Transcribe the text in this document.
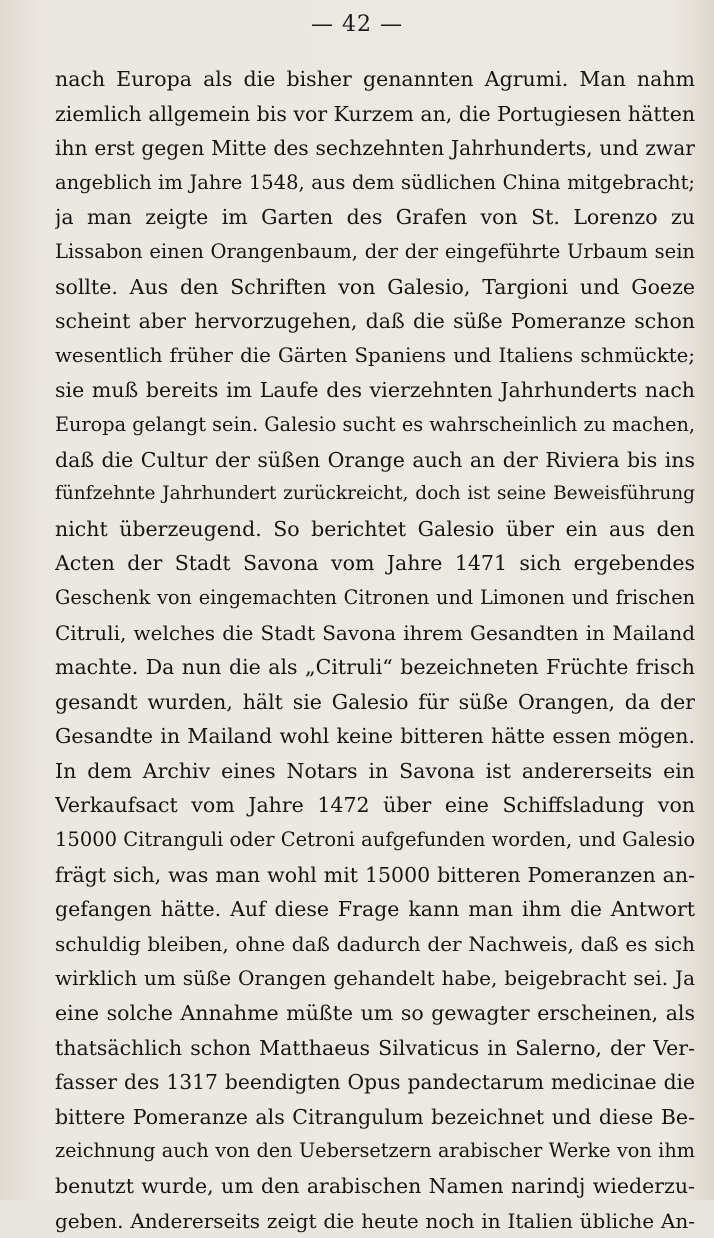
— 42 —
nach Europa als die bisher genannten Agrumi. Man nahm
ziemlich allgemein bis vor Kurzem an, die Portugiesen hätten
ihn erst gegen Mitte des sechzehnten Jahrhunderts, und zwar
angeblich im Jahre 1548, aus dem südlichen China mitgebracht;
ja man zeigte im Garten des Grafen von St. Lorenzo zu
Lissabon einen Orangenbaum, der der eingeführte Urbaum sein
sollte. Aus den Schriften von Galesio, Targioni und Goeze
scheint aber hervorzugehen, daß die süße Pomeranze schon
wesentlich früher die Gärten Spaniens und Italiens schmückte;
sie muß bereits im Laufe des vierzehnten Jahrhunderts nach
Europa gelangt sein. Galesio sucht es wahrscheinlich zu machen,
daß die Cultur der süßen Orange auch an der Riviera bis ins
fünfzehnte Jahrhundert zurückreicht, doch ist seine Beweisführung
nicht überzeugend. So berichtet Galesio über ein aus den
Acten der Stadt Savona vom Jahre 1471 sich ergebendes
Geschenk von eingemachten Citronen und Limonen und frischen
Citruli, welches die Stadt Savona ihrem Gesandten in Mailand
machte. Da nun die als „Citruli“ bezeichneten Früchte frisch
gesandt wurden, hält sie Galesio für süße Orangen, da der
Gesandte in Mailand wohl keine bitteren hätte essen mögen.
In dem Archiv eines Notars in Savona ist andererseits ein
Verkaufsact vom Jahre 1472 über eine Schiffsladung von
15000 Citranguli oder Cetroni aufgefunden worden, und Galesio
frägt sich, was man wohl mit 15000 bitteren Pomeranzen an-
gefangen hätte. Auf diese Frage kann man ihm die Antwort
schuldig bleiben, ohne daß dadurch der Nachweis, daß es sich
wirklich um süße Orangen gehandelt habe, beigebracht sei. Ja
eine solche Annahme müßte um so gewagter erscheinen, als
thatsächlich schon Matthaeus Silvaticus in Salerno, der Ver-
fasser des 1317 beendigten Opus pandectarum medicinae die
bittere Pomeranze als Citrangulum bezeichnet und diese Be-
zeichnung auch von den Uebersetzern arabischer Werke von ihm
benutzt wurde, um den arabischen Namen narindj wiederzu-
geben. Andererseits zeigt die heute noch in Italien übliche An-
